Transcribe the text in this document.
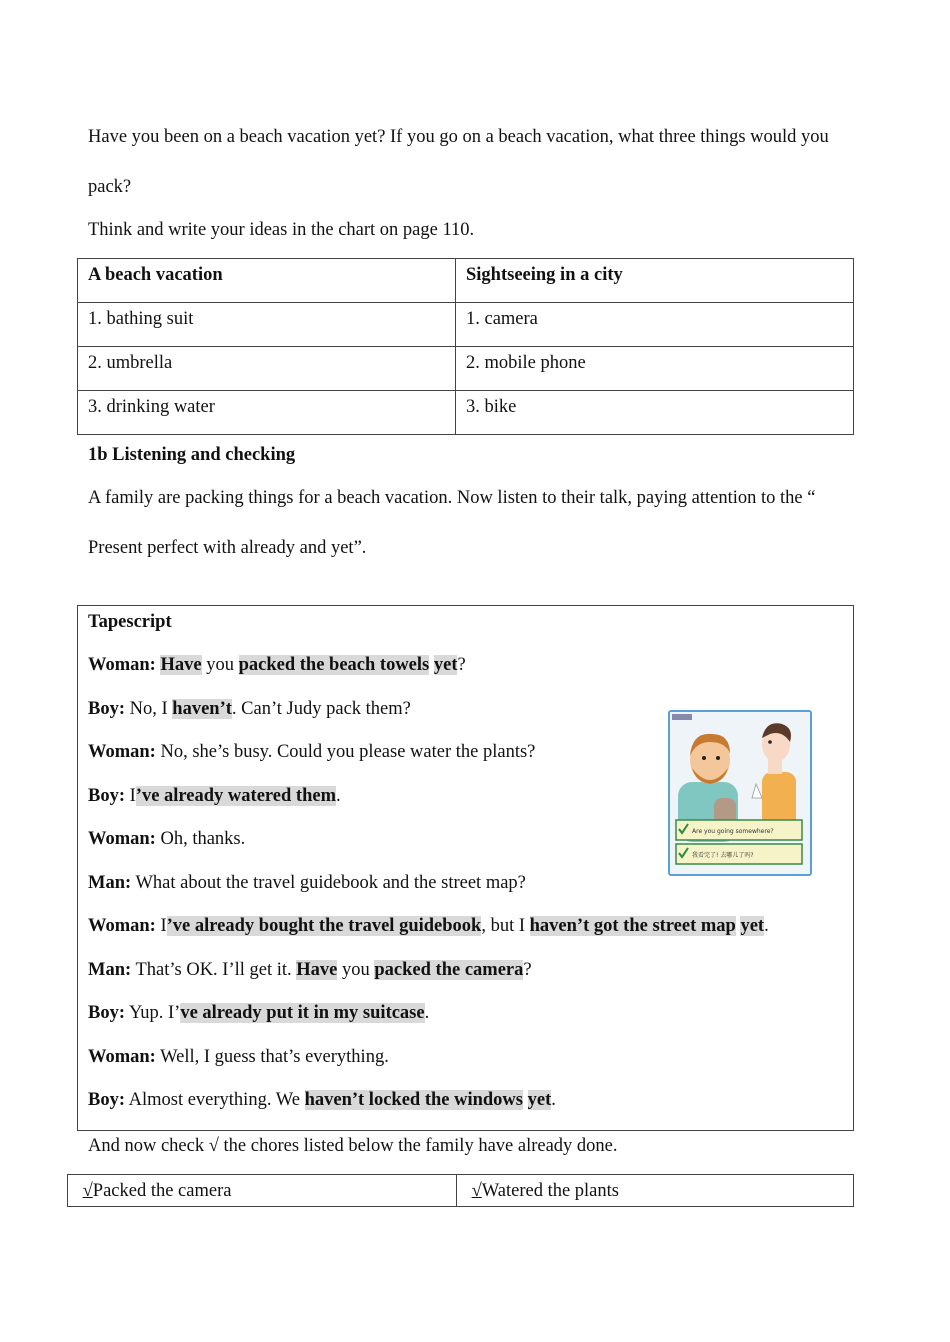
Have you been on a beach vacation yet? If you go on a beach vacation, what three things would you

pack?

Think and write your ideas in the chart on page 110.

A beach vacation	Sightseeing in a city
1. bathing suit	1. camera
2. umbrella	2. mobile phone
3. drinking water	3. bike

1b Listening and checking

A family are packing things for a beach vacation. Now listen to their talk, paying attention to the “

Present perfect with already and yet”.

Tapescript
Woman: Have you packed the beach towels yet?
Boy: No, I haven’t. Can’t Judy pack them?
Woman: No, she’s busy. Could you please water the plants?
Boy: I’ve already watered them.
Woman: Oh, thanks.
Man: What about the travel guidebook and the street map?
Woman: I’ve already bought the travel guidebook, but I haven’t got the street map yet.
Man: That’s OK. I’ll get it. Have you packed the camera?
Boy: Yup. I’ve already put it in my suitcase.
Woman: Well, I guess that’s everything.
Boy: Almost everything. We haven’t locked the windows yet.
Are you going somewhere?
我看完了! 去哪儿了吗?

And now check √ the chores listed below the family have already done.

√Packed the camera	√Watered the plants
